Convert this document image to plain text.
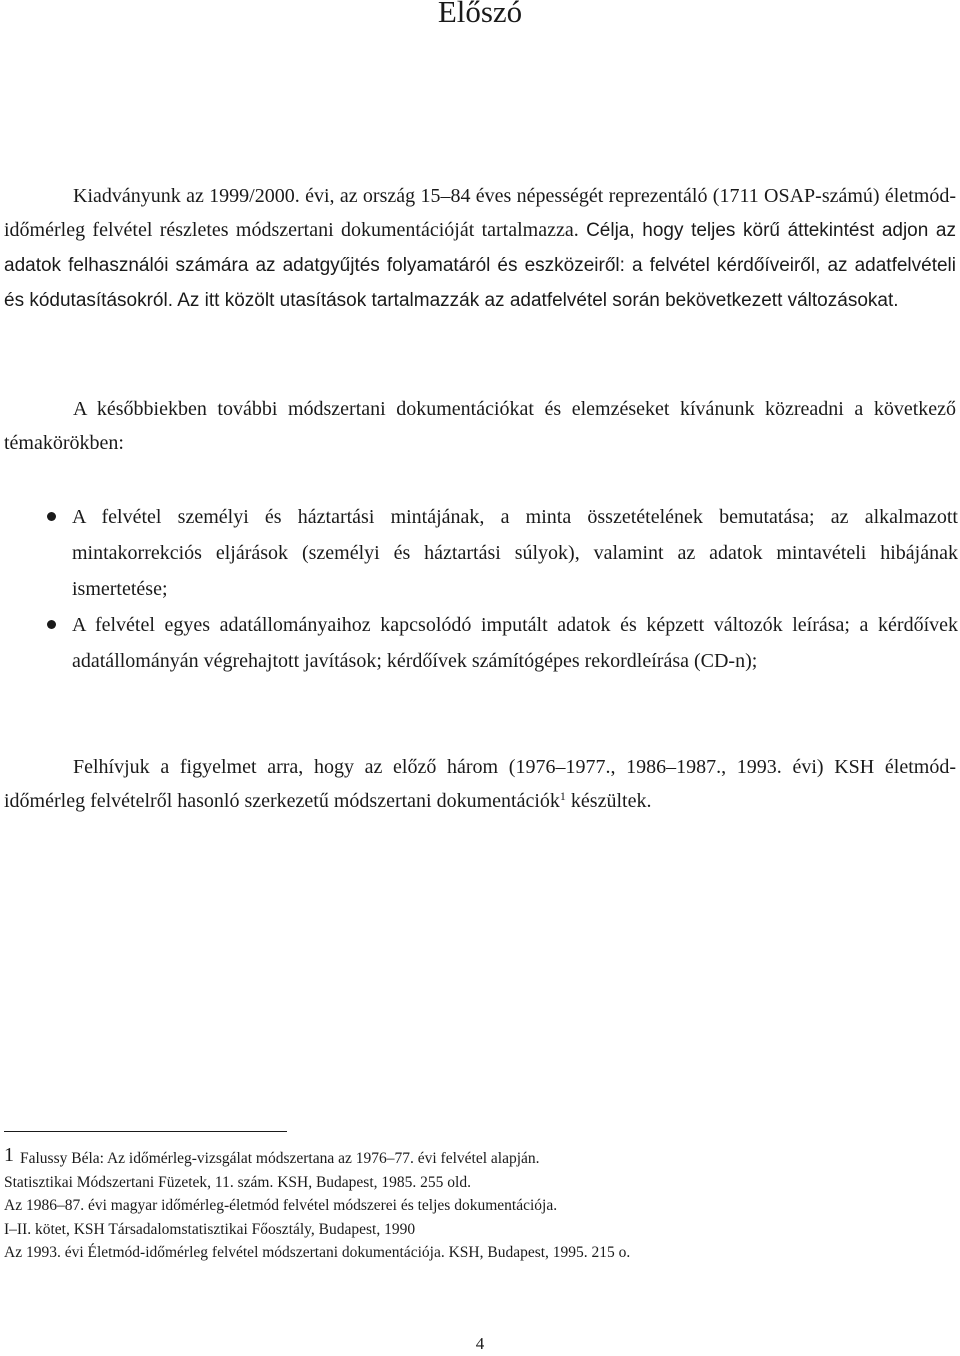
Előszó

Kiadványunk az 1999/2000. évi, az ország 15–84 éves népességét reprezentáló (1711 OSAP-számú) életmód-időmérleg felvétel részletes módszertani dokumentációját tartalmazza. Célja, hogy teljes körű áttekintést adjon az adatok felhasználói számára az adatgyűjtés folyamatáról és eszközeiről: a felvétel kérdőíveiről, az adatfelvételi és kódutasításokról. Az itt közölt utasítások tartalmazzák az adatfelvétel során bekövetkezett változásokat.

A későbbiekben további módszertani dokumentációkat és elemzéseket kívánunk közreadni a következő témakörökben:

A felvétel személyi és háztartási mintájának, a minta összetételének bemutatása; az alkalmazott mintakorrekciós eljárások (személyi és háztartási súlyok), valamint az adatok mintavételi hibájának ismertetése;
A felvétel egyes adatállományaihoz kapcsolódó imputált adatok és képzett változók leírása; a kérdőívek adatállományán végrehajtott javítások; kérdőívek számítógépes rekordleírása (CD-n);

Felhívjuk a figyelmet arra, hogy az előző három (1976–1977., 1986–1987., 1993. évi) KSH életmód-időmérleg felvételről hasonló szerkezetű módszertani dokumentációk$^1$ készültek.

1 Falussy Béla: Az időmérleg-vizsgálat módszertana az 1976–77. évi felvétel alapján.
Statisztikai Módszertani Füzetek, 11. szám. KSH, Budapest, 1985. 255 old.
Az 1986–87. évi magyar időmérleg-életmód felvétel módszerei és teljes dokumentációja.
I–II. kötet, KSH Társadalomstatisztikai Főosztály, Budapest, 1990
Az 1993. évi Életmód-időmérleg felvétel módszertani dokumentációja. KSH, Budapest, 1995. 215 o.

4
